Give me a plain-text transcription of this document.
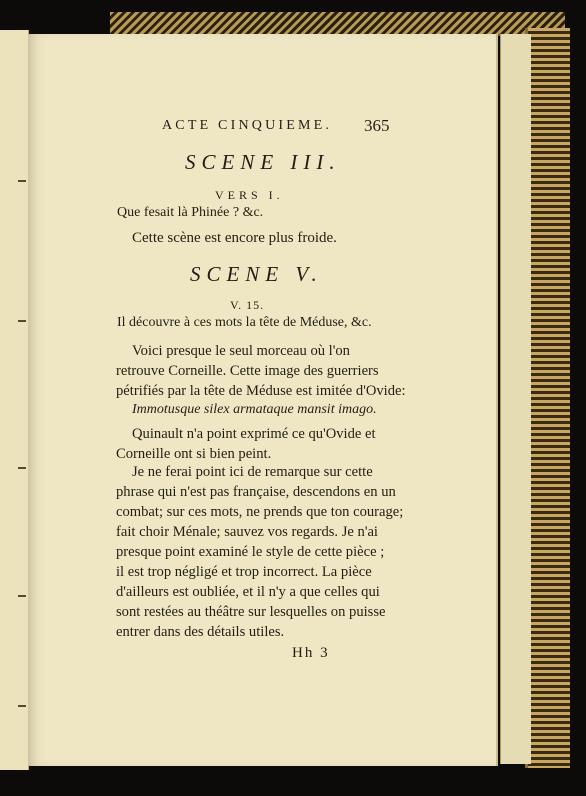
ACTE CINQUIEME. 365
SCENE III.
VERS I.
Que fesait là Phinée ? &c.
Cette scène est encore plus froide.
SCENE V.
V. 15.
Il découvre à ces mots la tête de Méduse, &c.
Voici presque le seul morceau où l'on
retrouve Corneille. Cette image des guerriers
pétrifiés par la tête de Méduse est imitée d'Ovide:
Immotusque silex armataque mansit imago.
Quinault n'a point exprimé ce qu'Ovide et
Corneille ont si bien peint.
Je ne ferai point ici de remarque sur cette
phrase qui n'est pas française, descendons en un
combat; sur ces mots, ne prends que ton courage;
fait choir Ménale; sauvez vos regards. Je n'ai
presque point examiné le style de cette pièce ;
il est trop négligé et trop incorrect. La pièce
d'ailleurs est oubliée, et il n'y a que celles qui
sont restées au théâtre sur lesquelles on puisse
entrer dans des détails utiles.
Hh 3
